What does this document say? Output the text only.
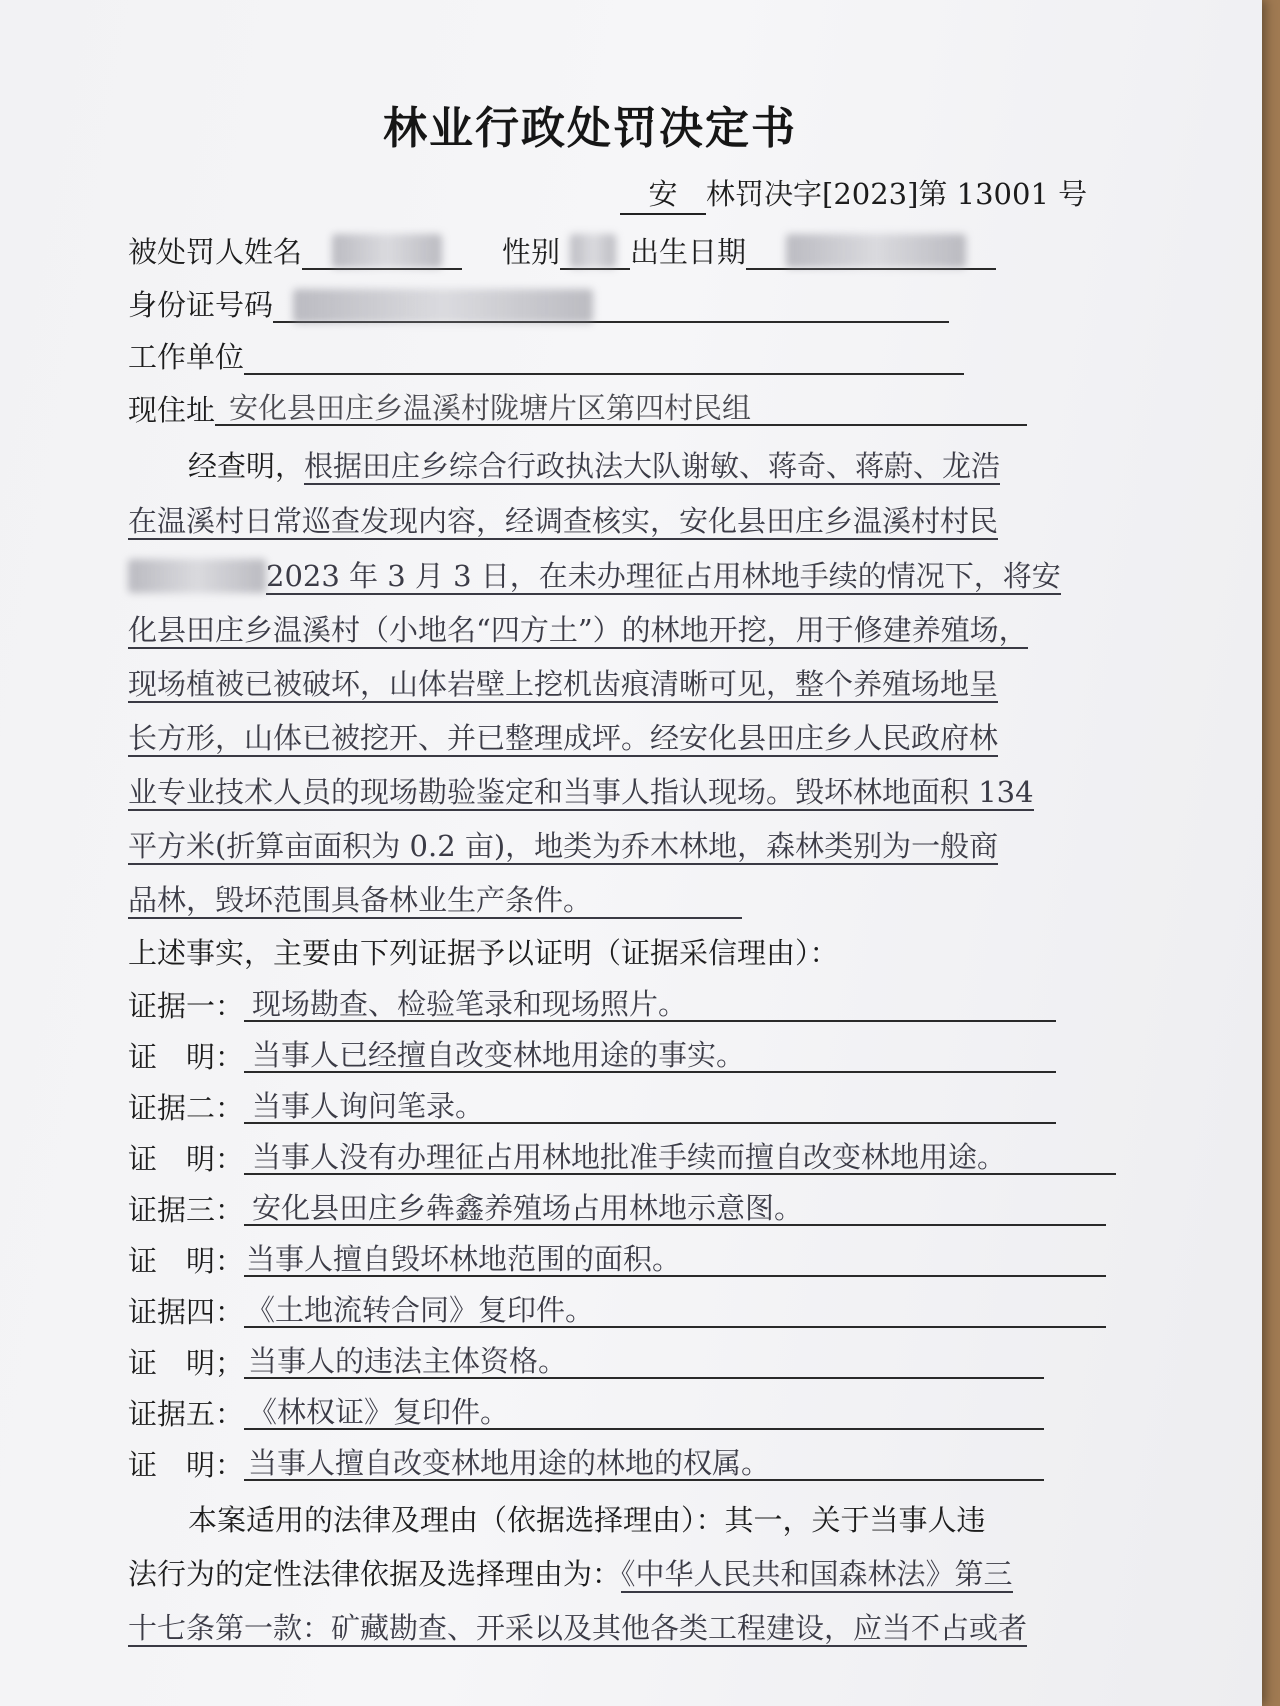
林业行政处罚决定书
安 林罚决字[2023]第 13001 号
被处罚人姓名	性别 出生日期
身份证号码
工作单位
现住址 安化县田庄乡温溪村陇塘片区第四村民组
经查明，根据田庄乡综合行政执法大队谢敏、蒋奇、蒋蔚、龙浩
在温溪村日常巡查发现内容，经调查核实，安化县田庄乡温溪村村民
2023 年 3 月 3 日，在未办理征占用林地手续的情况下，将安
化县田庄乡温溪村（小地名“四方土”）的林地开挖，用于修建养殖场，
现场植被已被破坏，山体岩壁上挖机齿痕清晰可见，整个养殖场地呈
长方形，山体已被挖开、并已整理成坪。经安化县田庄乡人民政府林
业专业技术人员的现场勘验鉴定和当事人指认现场。毁坏林地面积 134
平方米(折算亩面积为 0.2 亩)，地类为乔木林地，森林类别为一般商
品林，毁坏范围具备林业生产条件。
上述事实，主要由下列证据予以证明（证据采信理由）：
证据一： 现场勘查、检验笔录和现场照片。
证　明： 当事人已经擅自改变林地用途的事实。
证据二： 当事人询问笔录。
证　明： 当事人没有办理征占用林地批准手续而擅自改变林地用途。
证据三： 安化县田庄乡犇鑫养殖场占用林地示意图。
证　明：当事人擅自毁坏林地范围的面积。
证据四：《土地流转合同》复印件。
证　明； 当事人的违法主体资格。
证据五： 《林权证》复印件。
证　明： 当事人擅自改变林地用途的林地的权属。
本案适用的法律及理由（依据选择理由）：其一，关于当事人违
法行为的定性法律依据及选择理由为：《中华人民共和国森林法》第三
十七条第一款：矿藏勘查、开采以及其他各类工程建设，应当不占或者
